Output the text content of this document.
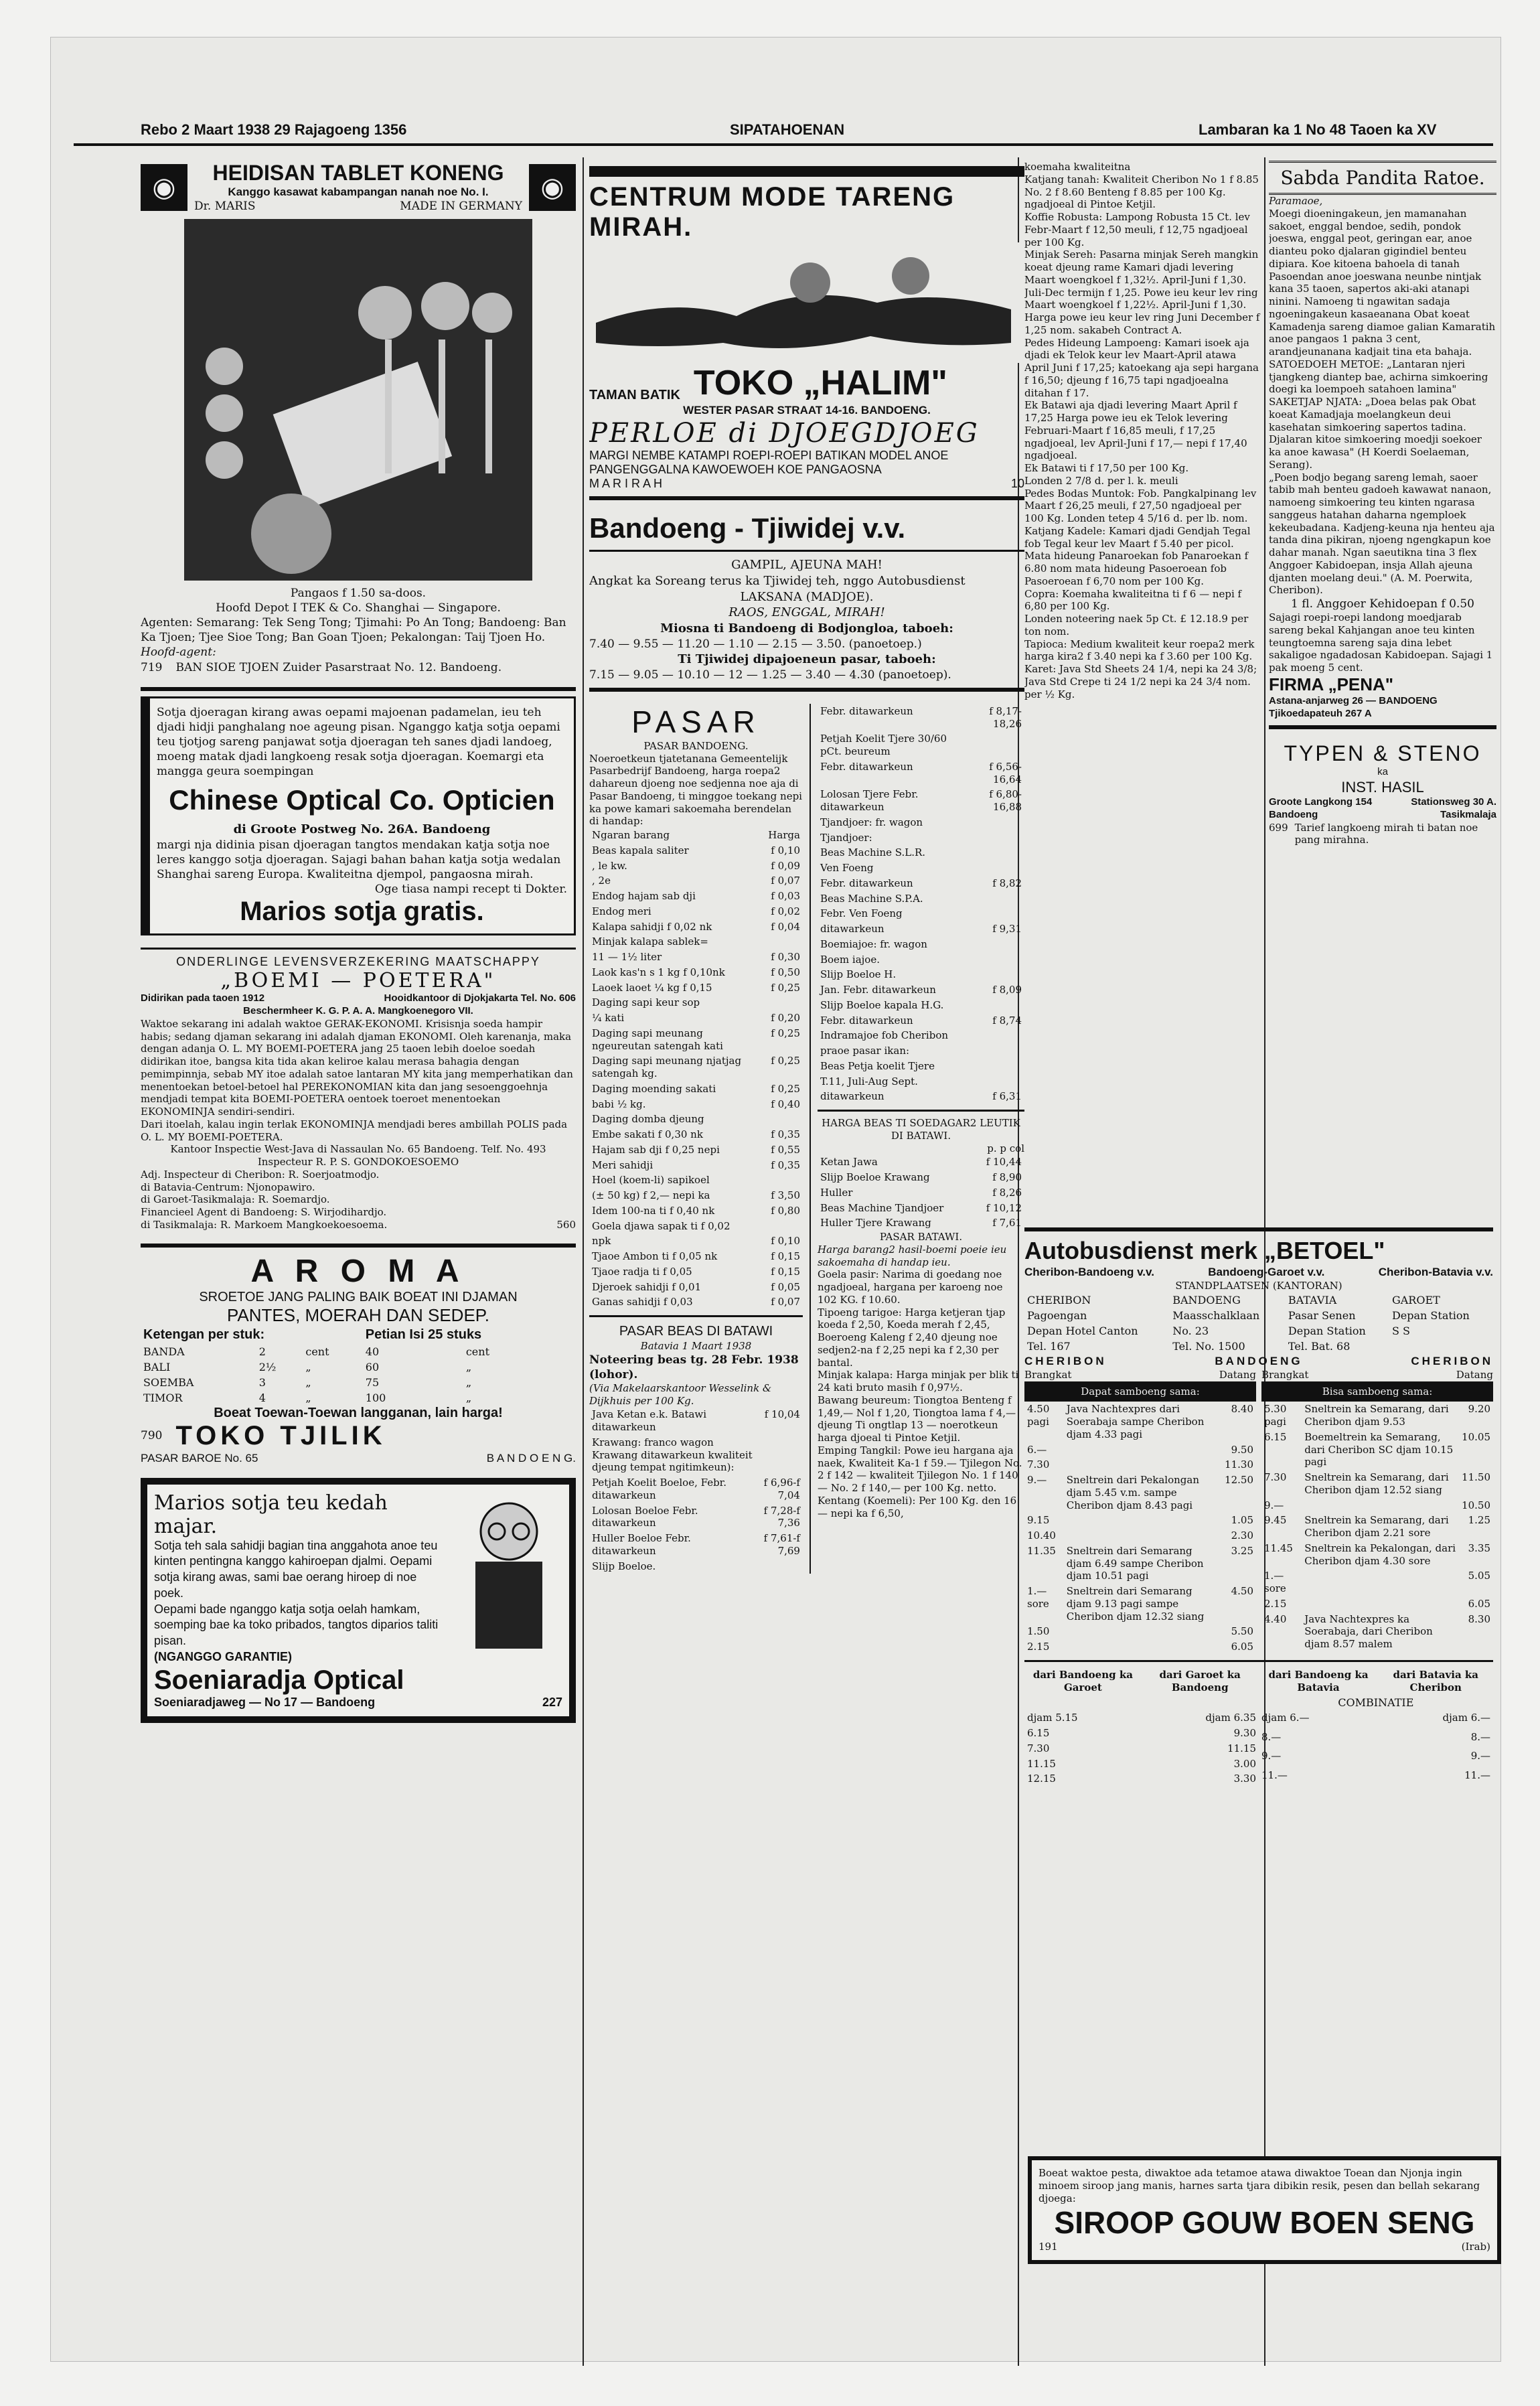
Rebo 2 Maart 1938 29 Rajagoeng 1356	SIPATAHOENAN	Lambaran ka 1 No 48 Taoen ka XV
◉	HEIDISAN TABLET KONENG
Kanggo kasawat kabampangan nanah noe No. I.
Dr. MARIS	MADE IN GERMANY
◉
Pangaos f 1.50 sa-doos.
Hoofd Depot I TEK & Co. Shanghai — Singapore.
Agenten: Semarang: Tek Seng Tong; Tjimahi: Po An Tong; Bandoeng: Ban Ka Tjoen; Tjee Sioe Tong; Ban Goan Tjoen; Pekalongan: Taij Tjoen Ho.
Hoofd-agent:
719 BAN SIOE TJOEN Zuider Pasarstraat No. 12. Bandoeng.
Sotja djoeragan kirang awas oepami majoenan padamelan, ieu teh djadi hidji panghalang noe ageung pisan. Nganggo katja sotja oepami teu tjotjog sareng panjawat sotja djoeragan teh sanes djadi landoeg, moeng matak djadi langkoeng resak sotja djoeragan. Koemargi eta mangga geura soempingan
Chinese Optical Co. Opticien
di Groote Postweg No. 26A. Bandoeng
margi nja didinia pisan djoeragan tangtos mendakan katja sotja noe leres kanggo sotja djoeragan. Sajagi bahan bahan katja sotja wedalan Shanghai sareng Europa. Kwaliteitna djempol, pangaosna mirah.
Oge tiasa nampi recept ti Dokter.
Marios sotja gratis.
ONDERLINGE LEVENSVERZEKERING MAATSCHAPPY
„BOEMI — POETERA"
Didirikan pada taoen 1912	Hooidkantoor di Djokjakarta Tel. No. 606
Beschermheer K. G. P. A. A. Mangkoenegoro VII.
Waktoe sekarang ini adalah waktoe GERAK-EKONOMI. Krisisnja soeda hampir habis; sedang djaman sekarang ini adalah djaman EKONOMI. Oleh karenanja, maka dengan adanja O. L. MY BOEMI-POETERA jang 25 taoen lebih doeloe soedah didirikan itoe, bangsa kita tida akan keliroe kalau merasa bahagia dengan pemimpinnja, sebab MY itoe adalah satoe lantaran MY kita jang memperhatikan dan menentoekan betoel-betoel hal PEREKONOMIAN kita dan jang sesoenggoehnja mendjadi tempat kita BOEMI-POETERA oentoek toeroet menentoekan EKONOMINJA sendiri-sendiri.
Dari itoelah, kalau ingin terlak EKONOMINJA mendjadi beres ambillah POLIS pada O. L. MY BOEMI-POETERA.
Kantoor Inspectie West-Java di Nassaulan No. 65 Bandoeng. Telf. No. 493
Inspecteur R. P. S. GONDOKOESOEMO
Adj. Inspecteur di Cheribon: R. Soerjoatmodjo.
di Batavia-Centrum: Njonopawiro.
di Garoet-Tasikmalaja: R. Soemardjo.
Financieel Agent di Bandoeng: S. Wirjodihardjo.
di Tasikmalaja: R. Markoem Mangkoekoesoema.	560
A R O M A
SROETOE JANG PALING BAIK BOEAT INI DJAMAN
PANTES, MOERAH DAN SEDEP.
Ketengan per stuk:			Petian Isi 25 stuks	
BANDA	2	cent	40	cent
BALI	2½	„	60	„
SOEMBA	3	„	75	„
TIMOR	4	„	100	„
Boeat Toewan-Toewan langganan, lain harga!
790 TOKO TJILIK
PASAR BAROE No. 65	B A N D O E N G.
Marios sotja teu kedah majar.
Sotja teh sala sahidji bagian tina anggahota anoe teu kinten pentingna kanggo kahiroepan djalmi. Oepami sotja kirang awas, sami bae oerang hiroep di noe poek.
Oepami bade nganggo katja sotja oelah hamkam, soemping bae ka toko pribados, tangtos diparios taliti pisan.
(NGANGGO GARANTIE)
Soeniaradja Optical
Soeniaradjaweg — No 17 — Bandoeng	227
CENTRUM MODE TARENG MIRAH.
TAMAN BATIK TOKO „HALIM"
WESTER PASAR STRAAT 14-16. BANDOENG.
PERLOE di DJOEGDJOEG
MARGI NEMBE KATAMPI ROEPI-ROEPI BATIKAN MODEL ANOE PANGENGGALNA KAWOEWOEH KOE PANGAOSNA
M A R I R A H	10
Bandoeng - Tjiwidej v.v.
GAMPIL, AJEUNA MAH!
Angkat ka Soreang terus ka Tjiwidej teh, nggo Autobusdienst
LAKSANA (MADJOE).
RAOS, ENGGAL, MIRAH!
Miosna ti Bandoeng di Bodjongloa, taboeh:
7.40 — 9.55 — 11.20 — 1.10 — 2.15 — 3.50. (panoetoep.)
Ti Tjiwidej dipajoeneun pasar, taboeh:
7.15 — 9.05 — 10.10 — 12 — 1.25 — 3.40 — 4.30 (panoetoep).
PASAR
PASAR BANDOENG.
Noeroetkeun tjatetanana Gemeentelijk Pasarbedrijf Bandoeng, harga roepa2 dahareun djoeng noe sedjenna noe aja di Pasar Bandoeng, ti minggoe toekang nepi ka powe kamari sakoemaha berendelan di handap:
Ngaran barang	Harga
Beas kapala saliter	f 0,10
, le kw.	f 0,09
, 2e	f 0,07
Endog hajam sab dji	f 0,03
Endog meri	f 0,02
Kalapa sahidji f 0,02 nk	f 0,04
Minjak kalapa sablek=	
11 — 1½ liter	f 0,30
Laok kas'n s 1 kg f 0,10nk	f 0,50
Laoek laoet ¼ kg f 0,15	f 0,25
Daging sapi keur sop	
¼ kati	f 0,20
Daging sapi meunang ngeureutan satengah kati	f 0,25
Daging sapi meunang njatjag satengah kg.	f 0,25
Daging moending sakati	f 0,25
babi ½ kg.	f 0,40
Daging domba djeung	
Embe sakati f 0,30 nk	f 0,35
Hajam sab dji f 0,25 nepi	f 0,55
Meri sahidji	f 0,35
Hoel (koem-li) sapikoel	
(± 50 kg) f 2,— nepi ka	f 3,50
Idem 100-na ti f 0,40 nk	f 0,80
Goela djawa sapak ti f 0,02	
npk	f 0,10
Tjaoe Ambon ti f 0,05 nk	f 0,15
Tjaoe radja ti f 0,05	f 0,15
Djeroek sahidji f 0,01	f 0,05
Ganas sahidji f 0,03	f 0,07
PASAR BEAS DI BATAWI
Batavia 1 Maart 1938
Noteering beas tg. 28 Febr. 1938 (lohor).
(Via Makelaarskantoor Wesselink & Dijkhuis per 100 Kg.
Java Ketan e.k. Batawi ditawarkeun	f 10,04
Krawang: franco wagon Krawang ditawarkeun kwaliteit djeung tempat ngitimkeun):	
Petjah Koelit Boeloe, Febr. ditawarkeun	f 6,96-f 7,04
Lolosan Boeloe Febr. ditawarkeun	f 7,28-f 7,36
Huller Boeloe Febr. ditawarkeun	f 7,61-f 7,69
Slijp Boeloe.	
Febr. ditawarkeun	f 8,17-18,26
Petjah Koelit Tjere 30/60 pCt. beureum	
Febr. ditawarkeun	f 6,56-16,64
Lolosan Tjere Febr. ditawarkeun	f 6,80-16,88
Tjandjoer: fr. wagon	
Tjandjoer:	
Beas Machine S.L.R.	
Ven Foeng	
Febr. ditawarkeun	f 8,82
Beas Machine S.P.A.	
Febr. Ven Foeng	
ditawarkeun	f 9,31
Boemiajoe: fr. wagon	
Boem iajoe.	
Slijp Boeloe H.	
Jan. Febr. ditawarkeun	f 8,09
Slijp Boeloe kapala H.G.	
Febr. ditawarkeun	f 8,74
Indramajoe fob Cheribon	
praoe pasar ikan:	
Beas Petja koelit Tjere	
T.11, Juli-Aug Sept.	
ditawarkeun	f 6,31
HARGA BEAS TI SOEDAGAR2 LEUTIK DI BATAWI.
p. p col
Ketan Jawa	f 10,44
Slijp Boeloe Krawang	f 8,90
Huller	f 8,26
Beas Machine Tjandjoer	f 10,12
Huller Tjere Krawang	f 7,61
PASAR BATAWI.
Harga barang2 hasil-boemi poeie ieu sakoemaha di handap ieu.
Goela pasir: Narima di goedang noe ngadjoeal, hargana per karoeng noe 102 KG. f 10.60.
Tipoeng tarigoe: Harga ketjeran tjap koeda f 2,50, Koeda merah f 2,45, Boeroeng Kaleng f 2,40 djeung noe sedjen2-na f 2,25 nepi ka f 2,30 per bantal.
Minjak kalapa: Harga minjak per blik ti 24 kati bruto masih f 0,97½.
Bawang beureum: Tiongtoa Benteng f 1,49,— Nol f 1,20, Tiongtoa lama f 4,— djeung Ti ongtlap 13 — noerotkeun harga djoeal ti Pintoe Ketjil.
Emping Tangkil: Powe ieu hargana aja naek, Kwaliteit Ka-1 f 59.— Tjilegon No. 2 f 142 — kwaliteit Tjilegon No. 1 f 140 — No. 2 f 140,— per 100 Kg. netto.
Kentang (Koemeli): Per 100 Kg. den 16 — nepi ka f 6,50,
koemaha kwaliteitna
Katjang tanah: Kwaliteit Cheribon No 1 f 8.85 No. 2 f 8.60 Benteng f 8.85 per 100 Kg. ngadjoeal di Pintoe Ketjil.
Koffie Robusta: Lampong Robusta 15 Ct. lev Febr-Maart f 12,50 meuli, f 12,75 ngadjoeal per 100 Kg.
Minjak Sereh: Pasarna minjak Sereh mangkin koeat djeung rame Kamari djadi levering Maart woengkoel f 1,32½. April-Juni f 1,30. Juli-Dec termijn f 1,25. Powe ieu keur lev ring Maart woengkoel f 1,22½. April-Juni f 1,30. Harga powe ieu keur lev ring Juni December f 1,25 nom. sakabeh Contract A.
Pedes Hideung Lampoeng: Kamari isoek aja djadi ek Telok keur lev Maart-April atawa April Juni f 17,25; katoekang aja sepi hargana f 16,50; djeung f 16,75 tapi ngadjoealna ditahan f 17.
Ek Batawi aja djadi levering Maart April f 17,25 Harga powe ieu ek Telok levering Februari-Maart f 16,85 meuli, f 17,25 ngadjoeal, lev April-Juni f 17,— nepi f 17,40 ngadjoeal.
Ek Batawi ti f 17,50 per 100 Kg.
Londen 2 7/8 d. per l. k. meuli
Pedes Bodas Muntok: Fob. Pangkalpinang lev Maart f 26,25 meuli, f 27,50 ngadjoeal per 100 Kg. Londen tetep 4 5/16 d. per lb. nom.
Katjang Kadele: Kamari djadi Gendjah Tegal fob Tegal keur lev Maart f 5.40 per picol.
Mata hideung Panaroekan fob Panaroekan f 6.80 nom mata hideung Pasoeroean fob Pasoeroean f 6,70 nom per 100 Kg.
Copra: Koemaha kwaliteitna ti f 6 — nepi f 6,80 per 100 Kg.
Londen noteering naek 5p Ct. £ 12.18.9 per ton nom.
Tapioca: Medium kwaliteit keur roepa2 merk harga kira2 f 3.40 nepi ka f 3.60 per 100 Kg.
Karet: Java Std Sheets 24 1/4, nepi ka 24 3/8; Java Std Crepe ti 24 1/2 nepi ka 24 3/4 nom. per ½ Kg.
Sabda Pandita Ratoe.
Paramaoe,
Moegi dioeningakeun, jen mamanahan sakoet, enggal bendoe, sedih, pondok joeswa, enggal peot, geringan ear, anoe dianteu poko djalaran gigindiel benteu dipiara. Koe kitoena bahoela di tanah Pasoendan anoe joeswana neunbe nintjak kana 35 taoen, sapertos aki-aki atanapi ninini. Namoeng ti ngawitan sadaja ngoeningakeun kasaeanana Obat koeat Kamadenja sareng diamoe galian Kamaratih anoe pangaos 1 pakna 3 cent, arandjeunanana kadjait tina eta bahaja.
SATOEDOEH METOE: „Lantaran njeri tjangkeng diantep bae, achirna simkoering doegi ka loempoeh satahoen lamina" SAKETJAP NJATA: „Doea belas pak Obat koeat Kamadjaja moelangkeun deui kasehatan simkoering sapertos tadina. Djalaran kitoe simkoering moedji soekoer ka anoe kawasa" (H Koerdi Soelaeman, Serang).
„Poen bodjo begang sareng lemah, saoer tabib mah benteu gadoeh kawawat nanaon, namoeng simkoering teu kinten ngarasa sanggeus hatahan daharna ngemploek kekeubadana. Kadjeng-keuna nja henteu aja tanda dina pikiran, njoeng ngengkapun koe dahar manah. Ngan saeutikna tina 3 flex Anggoer Kabidoepan, insja Allah ajeuna djanten moelang deui." (A. M. Poerwita, Cheribon).
1 fl. Anggoer Kehidoepan f 0.50
Sajagi roepi-roepi landong moedjarab sareng bekal Kahjangan anoe teu kinten teungtoemna sareng saja dina lebet sakaligoe ngadadosan Kabidoepan. Sajagi 1 pak moeng 5 cent.
FIRMA „PENA"
Astana-anjarweg 26 — BANDOENG
Tjikoedapateuh 267 A
TYPEN & STENO
ka
INST. HASIL
Groote Langkong 154	Stationsweg 30 A.
Bandoeng	Tasikmalaja
699 Tarief langkoeng mirah ti batan noe pang mirahna.
Autobusdienst merk „BETOEL"
Cheribon-Bandoeng v.v.	Bandoeng-Garoet v.v.	Cheribon-Batavia v.v.
STANDPLAATSEN (KANTORAN)
CHERIBON	BANDOENG	BATAVIA	GAROET
Pagoengan	Maasschalklaan	Pasar Senen	Depan Station
Depan Hotel Canton	No. 23	Depan Station	S S
Tel. 167	Tel. No. 1500	Tel. Bat. 68	
CHERIBON	BANDOENG	CHERIBON
Brangkat	Datang
Dapat samboeng sama:
4.50 pagi	Java Nachtexpres dari Soerabaja sampe Cheribon djam 4.33 pagi	8.40
6.—		9.50
7.30		11.30
9.—	Sneltrein dari Pekalongan djam 5.45 v.m. sampe Cheribon djam 8.43 pagi	12.50
9.15		1.05
10.40		2.30
11.35	Sneltrein dari Semarang djam 6.49 sampe Cheribon djam 10.51 pagi	3.25
1.— sore	Sneltrein dari Semarang djam 9.13 pagi sampe Cheribon djam 12.32 siang	4.50
1.50		5.50
2.15		6.05
Brangkat	Datang
Bisa samboeng sama:
5.30 pagi	Sneltrein ka Semarang, dari Cheribon djam 9.53	9.20
6.15	Boemeltrein ka Semarang, dari Cheribon SC djam 10.15 pagi	10.05
7.30	Sneltrein ka Semarang, dari Cheribon djam 12.52 siang	11.50
9.—		10.50
9.45	Sneltrein ka Semarang, dari Cheribon djam 2.21 sore	1.25
11.45	Sneltrein ka Pekalongan, dari Cheribon djam 4.30 sore	3.35
1.— sore		5.05
2.15		6.05
4.40	Java Nachtexpres ka Soerabaja, dari Cheribon djam 8.57 malem	8.30
dari Bandoeng ka Garoet	dari Garoet ka Bandoeng	dari Bandoeng ka Batavia	dari Batavia ka Cheribon
		COMBINATIE	
djam 5.15	djam 6.35
6.15	9.30
7.30	11.15
11.15	3.00
12.15	3.30
djam 6.—	djam 6.—
8.—	8.—
9.—	9.—
11.—	11.—
Boeat waktoe pesta, diwaktoe ada tetamoe atawa diwaktoe Toean dan Njonja ingin minoem siroop jang manis, harnes sarta tjara dibikin resik, pesen dan bellah sekarang djoega:
SIROOP GOUW BOEN SENG
191	(Irab)
